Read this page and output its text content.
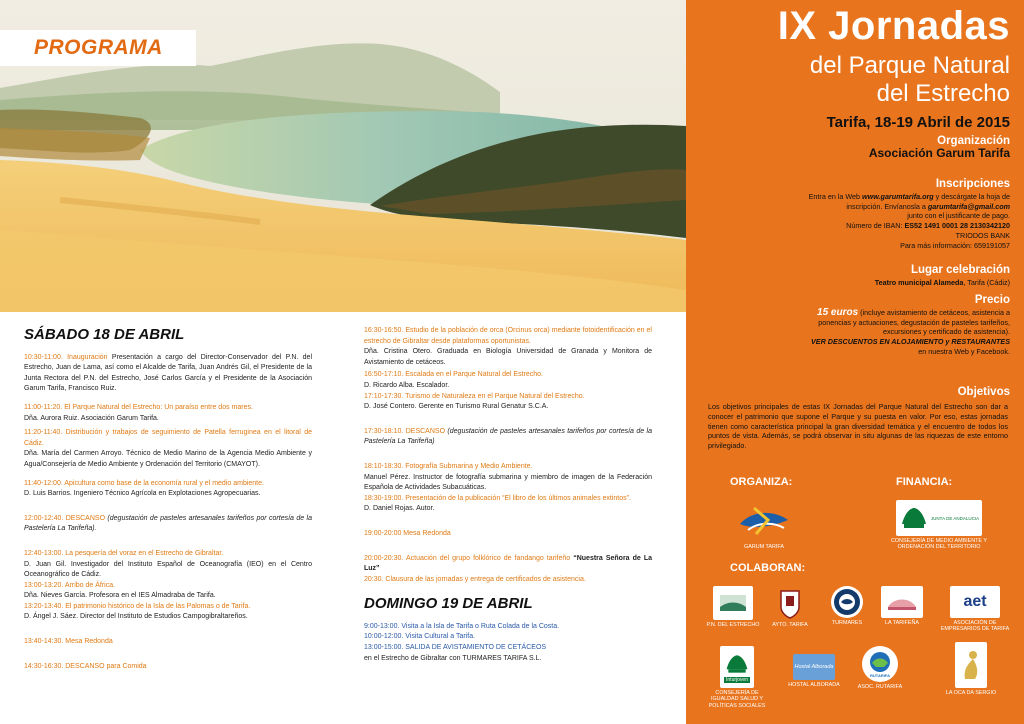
PROGRAMA
SÁBADO 18 DE ABRIL
10:30-11:00. Inauguración Presentación a cargo del Director-Conservador del P.N. del Estrecho, Juan de Lama, así como el Alcalde de Tarifa, Juan Andrés Gil, el Presidente de la Junta Rectora del P.N. del Estrecho, José Carlos García y el Presidente de la Asociación Garum Tarifa, Francisco Ruiz.
11:00-11:20. El Parque Natural del Estrecho: Un paraíso entre dos mares.
Dña. Aurora Ruiz. Asociación Garum Tarifa.
11:20-11:40. Distribución y trabajos de seguimiento de Patella ferruginea en el litoral de Cádiz.
Dña. María del Carmen Arroyo. Técnico de Medio Marino de la Agencia Medio Ambiente y Agua/Consejería de Medio Ambiente y Ordenación del Territorio (CMAYOT).
11:40-12:00. Apicultura como base de la economía rural y el medio ambiente.
D. Luis Barrios. Ingeniero Técnico Agrícola en Explotaciones Agropecuarias.
12:00-12:40. DESCANSO (degustación de pasteles artesanales tarifeños por cortesía de la Pastelería La Tarifeña).
12:40-13:00. La pesquería del voraz en el Estrecho de Gibraltar.
D. Juan Gil. Investigador del Instituto Español de Oceanografía (IEO) en el Centro Oceanográfico de Cádiz.
13:00-13:20. Arribo de África.
Dña. Nieves García. Profesora en el IES Almadraba de Tarifa.
13:20-13:40. El patrimonio histórico de la Isla de las Palomas o de Tarifa.
D. Ángel J. Sáez. Director del Instituto de Estudios Campogibraltareños.
13:40-14:30. Mesa Redonda
14:30-16:30. DESCANSO para Comida
16:30-16:50. Estudio de la población de orca (Orcinus orca) mediante fotoidentificación en el estrecho de Gibraltar desde plataformas oportunistas.
Dña. Cristina Otero. Graduada en Biología Universidad de Granada y Monitora de Avistamiento de cetáceos.
16:50-17:10. Escalada en el Parque Natural del Estrecho.
D. Ricardo Alba. Escalador.
17:10-17:30. Turismo de Naturaleza en el Parque Natural del Estrecho.
D. José Contero. Gerente en Turismo Rural Genatur S.C.A.
17:30-18:10. DESCANSO (degustación de pasteles artesanales tarifeños por cortesía de la Pastelería La Tarifeña)
18:10-18:30. Fotografía Submarina y Medio Ambiente.
Manuel Pérez. Instructor de fotografía submarina y miembro de imagen de la Federación Española de Actividades Subacuáticas.
18:30-19:00. Presentación de la publicación “El libro de los últimos animales extintos”.
D. Daniel Rojas. Autor.
19:00-20:00 Mesa Redonda
20:00-20:30. Actuación del grupo folklórico de fandango tarifeño “Nuestra Señora de La Luz”
20:30. Clausura de las jornadas y entrega de certificados de asistencia.
DOMINGO 19 DE ABRIL
9:00-13:00. Visita a la Isla de Tarifa o Ruta Colada de la Costa.
10:00-12:00. Visita Cultural a Tarifa.
13:00-15:00. SALIDA DE AVISTAMIENTO DE CETÁCEOS
en el Estrecho de Gibraltar con TURMARES TARIFA S.L.
IX Jornadas
del Parque Natural
del Estrecho
Tarifa, 18-19 Abril de 2015
Organización
Asociación Garum Tarifa
Inscripciones
Entra en la Web www.garumtarifa.org y descárgate la hoja de
inscripción. Envíanosla a garumtarifa@gmail.com
junto con el justificante de pago.
Número de IBAN: ES52 1491 0001 28 2130342120
TRIODOS BANK
Para más información: 659191057
Lugar celebración
Teatro municipal Alameda, Tarifa (Cádiz)
Precio
15 euros (incluye avistamiento de cetáceos, asistencia a
ponencias y actuaciones, degustación de pasteles tarifeños,
excursiones y certificado de asistencia).
VER DESCUENTOS EN ALOJAMIENTO y RESTAURANTES
en nuestra Web y Facebook.
Objetivos
Los objetivos principales de estas IX Jornadas del Parque Natural del Estrecho son dar a conocer el patrimonio que supone el Parque y su puesta en valor. Por eso, estas jornadas tienen como característica principal la gran diversidad temática y el encuentro de todos los puntos de vista. Además, se podrá observar in situ algunas de las riquezas de este entorno privilegiado.
ORGANIZA:	FINANCIA:
GARUM TARIFA
JUNTA DE ANDALUCIA
CONSEJERÍA DE MEDIO AMBIENTE Y ORDENACIÓN DEL TERRITORIO
COLABORAN:
P.N. DEL ESTRECHO AYTO. TARIFA	TURMARES	LA TARIFEÑA
aet
ASOCIACIÓN DE EMPRESARIOS DE TARIFA
Inturjoven
CONSEJERÍA DE IGUALDAD SALUD Y POLÍTICAS SOCIALES
Hostal Alborada
HOSTAL ALBORADA
RUTARIFA
ASOC. RUTARIFA
LA OCA DA SERGIO
